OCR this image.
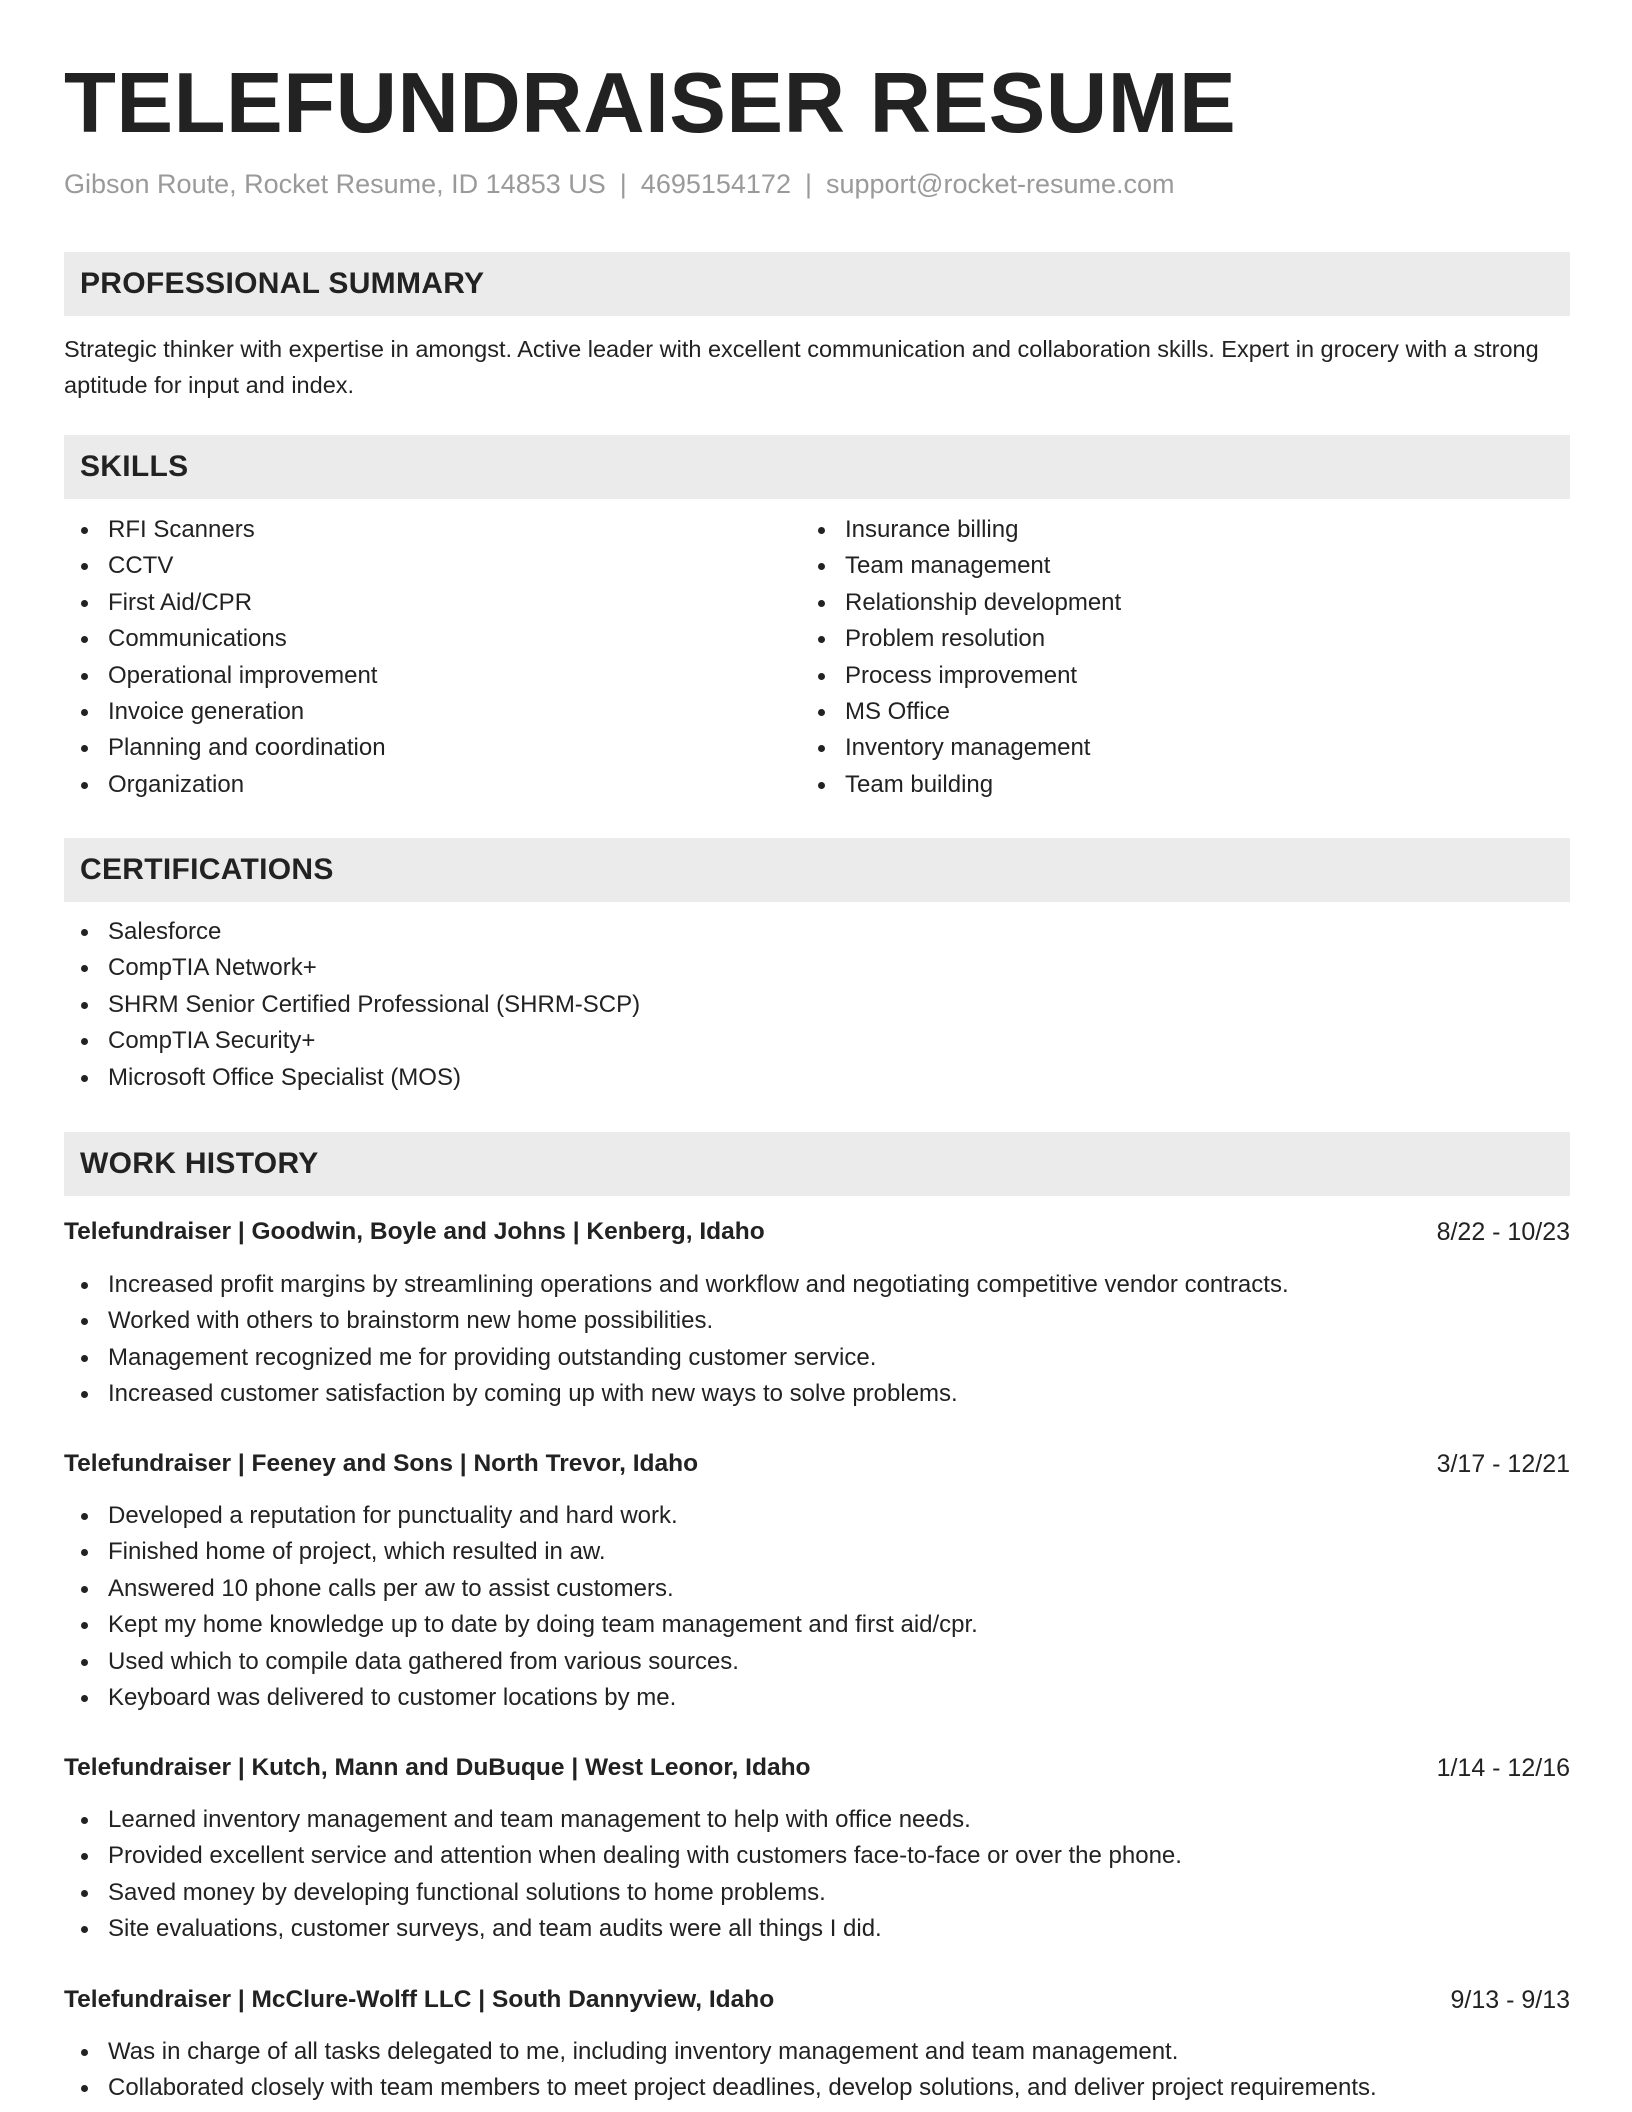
TELEFUNDRAISER RESUME
Gibson Route, Rocket Resume, ID 14853 US | 4695154172 | support@rocket-resume.com
PROFESSIONAL SUMMARY
Strategic thinker with expertise in amongst. Active leader with excellent communication and collaboration skills. Expert in grocery with a strong aptitude for input and index.
SKILLS
RFI Scanners
CCTV
First Aid/CPR
Communications
Operational improvement
Invoice generation
Planning and coordination
Organization
Insurance billing
Team management
Relationship development
Problem resolution
Process improvement
MS Office
Inventory management
Team building
CERTIFICATIONS
Salesforce
CompTIA Network+
SHRM Senior Certified Professional (SHRM-SCP)
CompTIA Security+
Microsoft Office Specialist (MOS)
WORK HISTORY
Telefundraiser | Goodwin, Boyle and Johns | Kenberg, Idaho	8/22 - 10/23
Increased profit margins by streamlining operations and workflow and negotiating competitive vendor contracts.
Worked with others to brainstorm new home possibilities.
Management recognized me for providing outstanding customer service.
Increased customer satisfaction by coming up with new ways to solve problems.
Telefundraiser | Feeney and Sons | North Trevor, Idaho	3/17 - 12/21
Developed a reputation for punctuality and hard work.
Finished home of project, which resulted in aw.
Answered 10 phone calls per aw to assist customers.
Kept my home knowledge up to date by doing team management and first aid/cpr.
Used which to compile data gathered from various sources.
Keyboard was delivered to customer locations by me.
Telefundraiser | Kutch, Mann and DuBuque | West Leonor, Idaho	1/14 - 12/16
Learned inventory management and team management to help with office needs.
Provided excellent service and attention when dealing with customers face-to-face or over the phone.
Saved money by developing functional solutions to home problems.
Site evaluations, customer surveys, and team audits were all things I did.
Telefundraiser | McClure-Wolff LLC | South Dannyview, Idaho	9/13 - 9/13
Was in charge of all tasks delegated to me, including inventory management and team management.
Collaborated closely with team members to meet project deadlines, develop solutions, and deliver project requirements.
